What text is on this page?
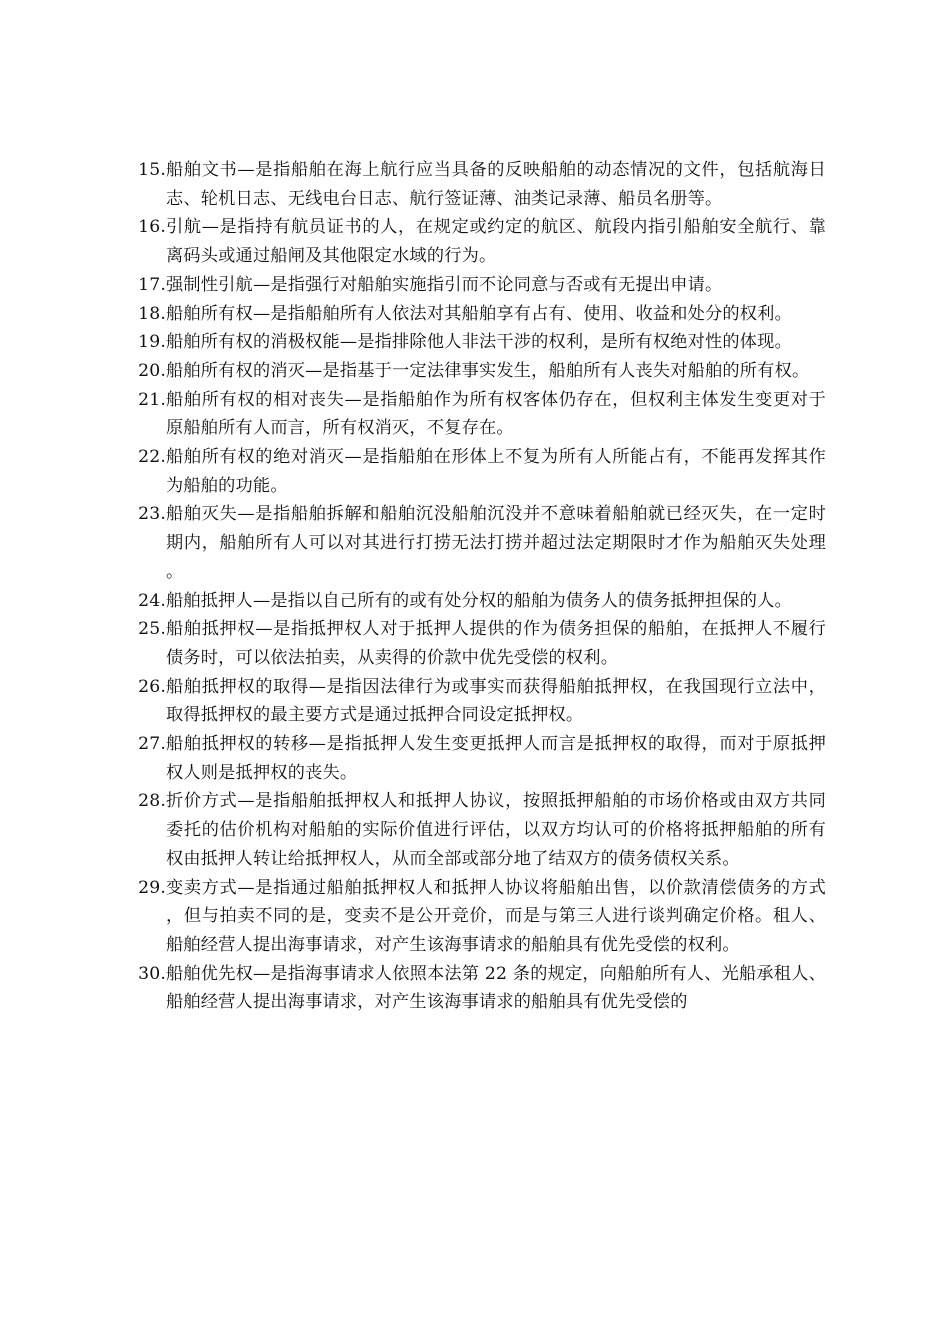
15. 船舶文书—是指船舶在海上航行应当具备的反映船舶的动态情况的文件，包括航海日志、轮机日志、无线电台日志、航行签证薄、油类记录薄、船员名册等。
16. 引航—是指持有航员证书的人，在规定或约定的航区、航段内指引船舶安全航行、靠离码头或通过船闸及其他限定水域的行为。
17. 强制性引航—是指强行对船舶实施指引而不论同意与否或有无提出申请。
18. 船舶所有权—是指船舶所有人依法对其船舶享有占有、使用、收益和处分的权利。
19. 船舶所有权的消极权能—是指排除他人非法干涉的权利，是所有权绝对性的体现。
20. 船舶所有权的消灭—是指基于一定法律事实发生，船舶所有人丧失对船舶的所有权。
21. 船舶所有权的相对丧失—是指船舶作为所有权客体仍存在，但权利主体发生变更对于原船舶所有人而言，所有权消灭，不复存在。
22. 船舶所有权的绝对消灭—是指船舶在形体上不复为所有人所能占有，不能再发挥其作为船舶的功能。
23. 船舶灭失—是指船舶拆解和船舶沉没船舶沉没并不意味着船舶就已经灭失，在一定时期内，船舶所有人可以对其进行打捞无法打捞并超过法定期限时才作为船舶灭失处理。
24. 船舶抵押人—是指以自己所有的或有处分权的船舶为债务人的债务抵押担保的人。
25. 船舶抵押权—是指抵押权人对于抵押人提供的作为债务担保的船舶，在抵押人不履行债务时，可以依法拍卖，从卖得的价款中优先受偿的权利。
26. 船舶抵押权的取得—是指因法律行为或事实而获得船舶抵押权，在我国现行立法中，取得抵押权的最主要方式是通过抵押合同设定抵押权。
27. 船舶抵押权的转移—是指抵押人发生变更抵押人而言是抵押权的取得，而对于原抵押权人则是抵押权的丧失。
28. 折价方式—是指船舶抵押权人和抵押人协议，按照抵押船舶的市场价格或由双方共同委托的估价机构对船舶的实际价值进行评估，以双方均认可的价格将抵押船舶的所有权由抵押人转让给抵押权人，从而全部或部分地了结双方的债务债权关系。
29. 变卖方式—是指通过船舶抵押权人和抵押人协议将船舶出售，以价款清偿债务的方式，但与拍卖不同的是，变卖不是公开竞价，而是与第三人进行谈判确定价格。租人、船舶经营人提出海事请求，对产生该海事请求的船舶具有优先受偿的权利。
30. 船舶优先权—是指海事请求人依照本法第 22 条的规定，向船舶所有人、光船承租人、船舶经营人提出海事请求，对产生该海事请求的船舶具有优先受偿的
